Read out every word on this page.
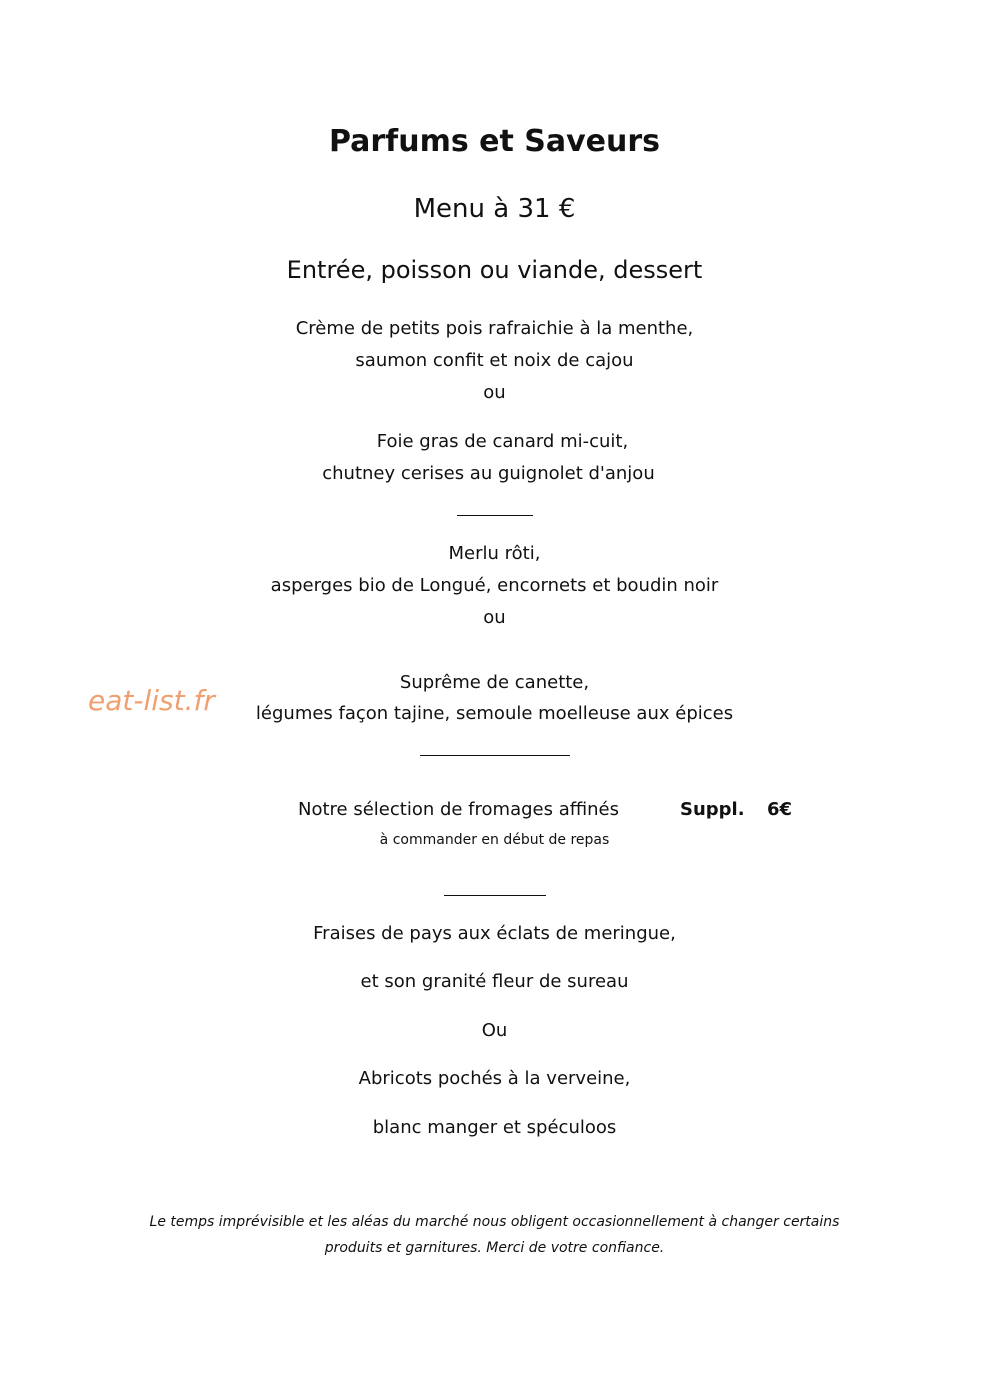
Parfums et Saveurs
Menu à 31 €
Entrée, poisson ou viande, dessert
Crème de petits pois rafraichie à la menthe,
saumon confit et noix de cajou
ou
Foie gras de canard mi-cuit,
chutney cerises au guignolet d'anjou
Merlu rôti,
asperges bio de Longué, encornets et boudin noir
ou
Suprême de canette,
légumes façon tajine, semoule moelleuse aux épices
eat-list.fr
Notre sélection de fromages affinés	Suppl. 6€
à commander en début de repas
Fraises de pays aux éclats de meringue,
et son granité fleur de sureau
Ou
Abricots pochés à la verveine,
blanc manger et spéculoos
Le temps imprévisible et les aléas du marché nous obligent occasionnellement à changer certains
produits et garnitures. Merci de votre confiance.
